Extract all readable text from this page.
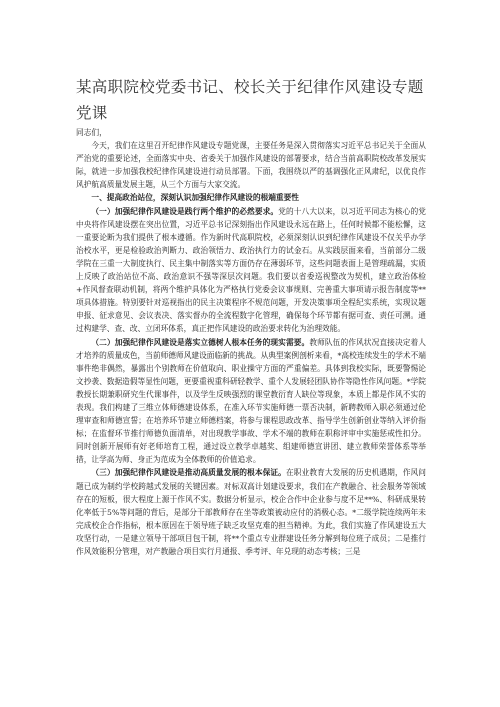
某高职院校党委书记、校长关于纪律作风建设专题党课

同志们，

今天，我们在这里召开纪律作风建设专题党课，主要任务是深入贯彻落实习近平总书记关于全面从严治党的重要论述，全面落实中央、省委关于加强作风建设的部署要求，结合当前高职院校改革发展实际，就进一步加强我校纪律作风建设进行动员部署。下面，我围绕以严的基调强化正风肃纪，以优良作风护航高质量发展主题，从三个方面与大家交流。

一、提高政治站位，深刻认识加强纪律作风建设的根端重要性

（一）加强纪律作风建设是践行两个维护的必然要求。党的十八大以来，以习近平同志为核心的党中央将作风建设摆在突出位置，习近平总书记深刻指出作风建设永远在路上，任何时候都不能松懈，这一重要论断为我们提供了根本遵循。作为新时代高职院校，必须深刻认识到纪律作风建设不仅关乎办学治校水平，更是检验政治判断力、政治领悟力、政治执行力的试金石。从实践层面来看，当前部分二级学院在三重一大制度执行、民主集中制落实等方面仍存在薄弱环节，这些问题表面上是管理疏漏，实质上反映了政治站位不高、政治意识不强等深层次问题。我们要以省委巡视整改为契机，建立政治体检+作风督查联动机制，将两个维护具体化为严格执行党委会议事规则、完善重大事项请示报告制度等**项具体措施。特别要针对巡视指出的民主决策程序不规范问题，开发决策事项全程纪实系统，实现议题申报、征求意见、会议表决、落实督办的全流程数字化管理，确保每个环节都有据可查、责任可溯。通过构建学、查、改、立闭环体系，真正把作风建设的政治要求转化为治理效能。

（二）加强纪律作风建设是落实立德树人根本任务的现实需要。教师队伍的作风状况直接决定着人才培养的质量成色，当前师德师风建设面临新的挑战。从典型案例剖析来看，*高校连续发生的学术不端事件绝非偶然，暴露出个别教师在价值取向、职业操守方面的严重偏差。具体到我校实际，既要警惕论文抄袭、数据造假等显性问题，更要重视重科研轻教学、重个人发展轻团队协作等隐性作风问题。*学院教授长期兼职研究生代课事件，以及学生反映强烈的课堂教衍育人缺位等现象，本质上都是作风不实的表现。我们构建了三维立体师德建设体系，在准入环节实施师德一票否决制，新聘教师入职必须通过伦理审查和师德宣誓；在培养环节建立师德档案，将参与课程思政改革、指导学生创新创业等纳入评价指标；在监督环节推行师德负面清单，对出现教学事故、学术不端的教师在职称评审中实施惩戒性扣分。同时创新开展师有好老师培育工程，通过设立教学卓越奖、组建师德宣讲团、建立教师荣誉体系等举措，让学高为师、身正为范成为全体教师的价值追求。

（三）加强纪律作风建设是推动高质量发展的根本保证。在职业教育大发展的历史机遇期，作风问题已成为制约学校跨越式发展的关键因素。对标双高计划建设要求，我们在产教融合、社会服务等领域存在的短板，很大程度上源于作风不实。数据分析显示，校企合作中企业参与度不足**%、科研成果转化率低于5%等问题的背后，是部分干部教师存在坐等政策被动应付的消极心态。*二级学院连续两年未完成校企合作指标，根本原因在于领导班子缺乏攻坚克难的担当精神。为此，我们实施了作风建设五大攻坚行动，一是建立领导干部项目包干制，将**个重点专业群建设任务分解到每位班子成员；二是推行作风效能积分管理，对产教融合项目实行月通报、季考评、年兑现的动态考核；三是
